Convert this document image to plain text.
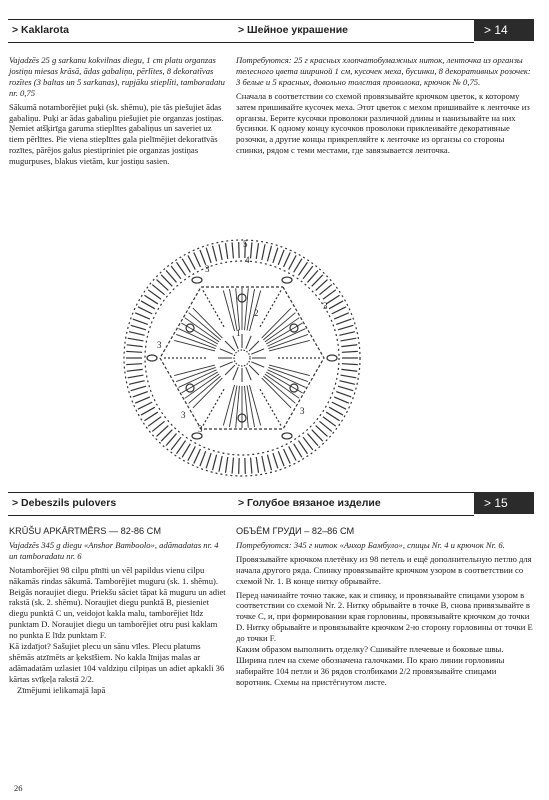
> Kaklarota	> Шейное украшение	> 14

Vajadzēs 25 g sarkanu kokvilnas diegu, 1 cm platu organzas jostiņu miesas krāsā, ādas gabaliņu, pērlītes, 8 dekoratīvas rozītes (3 baltas un 5 sarkanas), rupjāku stieplīti, tamboradatu nr. 0,75

Sākumā notamborējiet puķi (sk. shēmu), pie tās piešujiet ādas gabaliņu. Puķi ar ādas gabaliņu piešujiet pie organzas jostiņas. Ņemiet atšķirīga garuma stieplītes gabaliņus un saveriet uz tiem pērlītes. Pie viena stieplītes gala pielīmējiet dekoratīvās rozītes, pārējos galus piestipriniet pie organzas jostiņas mugurpuses, blakus vietām, kur jostiņu sasien.

Потребуются: 25 г красных хлопчатобумажных ниток, ленточка из органзы телесного цвета шириной 1 см, кусочек меха, бусинки, 8 декоративных розочек: 3 белые и 5 красных, довольно толстая проволока, крючок № 0,75.

Сначала в соответствии со схемой провязывайте крючком цветок, к которому затем пришивайте кусочек меха. Этот цветок с мехом пришивайте к ленточке из органзы. Берите кусочки проволоки различной длины и нанизывайте на них бусинки. К одному концу кусочков проволоки приклеивайте декоративные розочки, а другие концы прикрепляйте к ленточке из органзы со стороны спинки, рядом с теми местами, где завязывается ленточка.

5
4
3
2
1
3
3	3
3
3
> Debeszils pulovers	> Голубое вязаное изделие	> 15
KRŪŠU APKĀRTMĒRS — 82-86 CM

Vajadzēs 345 g diegu «Anshor Bamboolo», adāmadatas nr. 4 un tamboradatu nr. 6

Notamborējiet 98 cilpu pīnīti un vēl papildus vienu cilpu nākamās rindas sākumā. Tamborējiet muguru (sk. 1. shēmu). Beigās noraujiet diegu. Priekšu sāciet tāpat kā muguru un adiet rakstā (sk. 2. shēmu). Noraujiet diegu punktā B, piesieniet diegu punktā C un, veidojot kakla malu, tamborējiet līdz punktam D. Noraujiet diegu un tamborējiet otru pusi kaklam no punkta E līdz punktam F.

Kā izdaījot? Sašujiet plecu un sānu vīles. Plecu platums shēmās atzīmēts ar ķeksīšiem. No kakla līnijas malas ar adāmadatām uzlasiet 104 valdziņu cilpiņas un adiet apkakli 36 kārtas svīķeļa rakstā 2/2.

Zīmējumi ielikamajā lapā

ОБЪЁМ ГРУДИ – 82–86 СМ

Потребуются: 345 г ниток «Анхор Бамбуло», спицы Nr. 4 и крючок Nr. 6.

Провязывайте крючком плетёнку из 98 петель и ещё дополнительную петлю для начала другого ряда. Спинку провязывайте крючком узором в соответствии со схемой Nr. 1. В конце нитку обрывайте.

Перед начинайте точно также, как и спинку, и провязывайте спицами узором в соответствии со схемой Nr. 2. Нитку обрывайте в точке B, снова привязывайте в точке C, и, при формировании края горловины, провязывайте крючком до точки D. Нитку обрывайте и провязывайте крючком 2-ю сторону горловины от точки E до точки F.

Каким образом выполнить отделку? Сшивайте плечевые и боковые швы. Ширина плеч на схеме обозначена галочками. По краю линии горловины набирайте 104 петли и 36 рядов столбиками 2/2 провязывайте спицами воротник. Схемы на пристёгнутом листе.

26
